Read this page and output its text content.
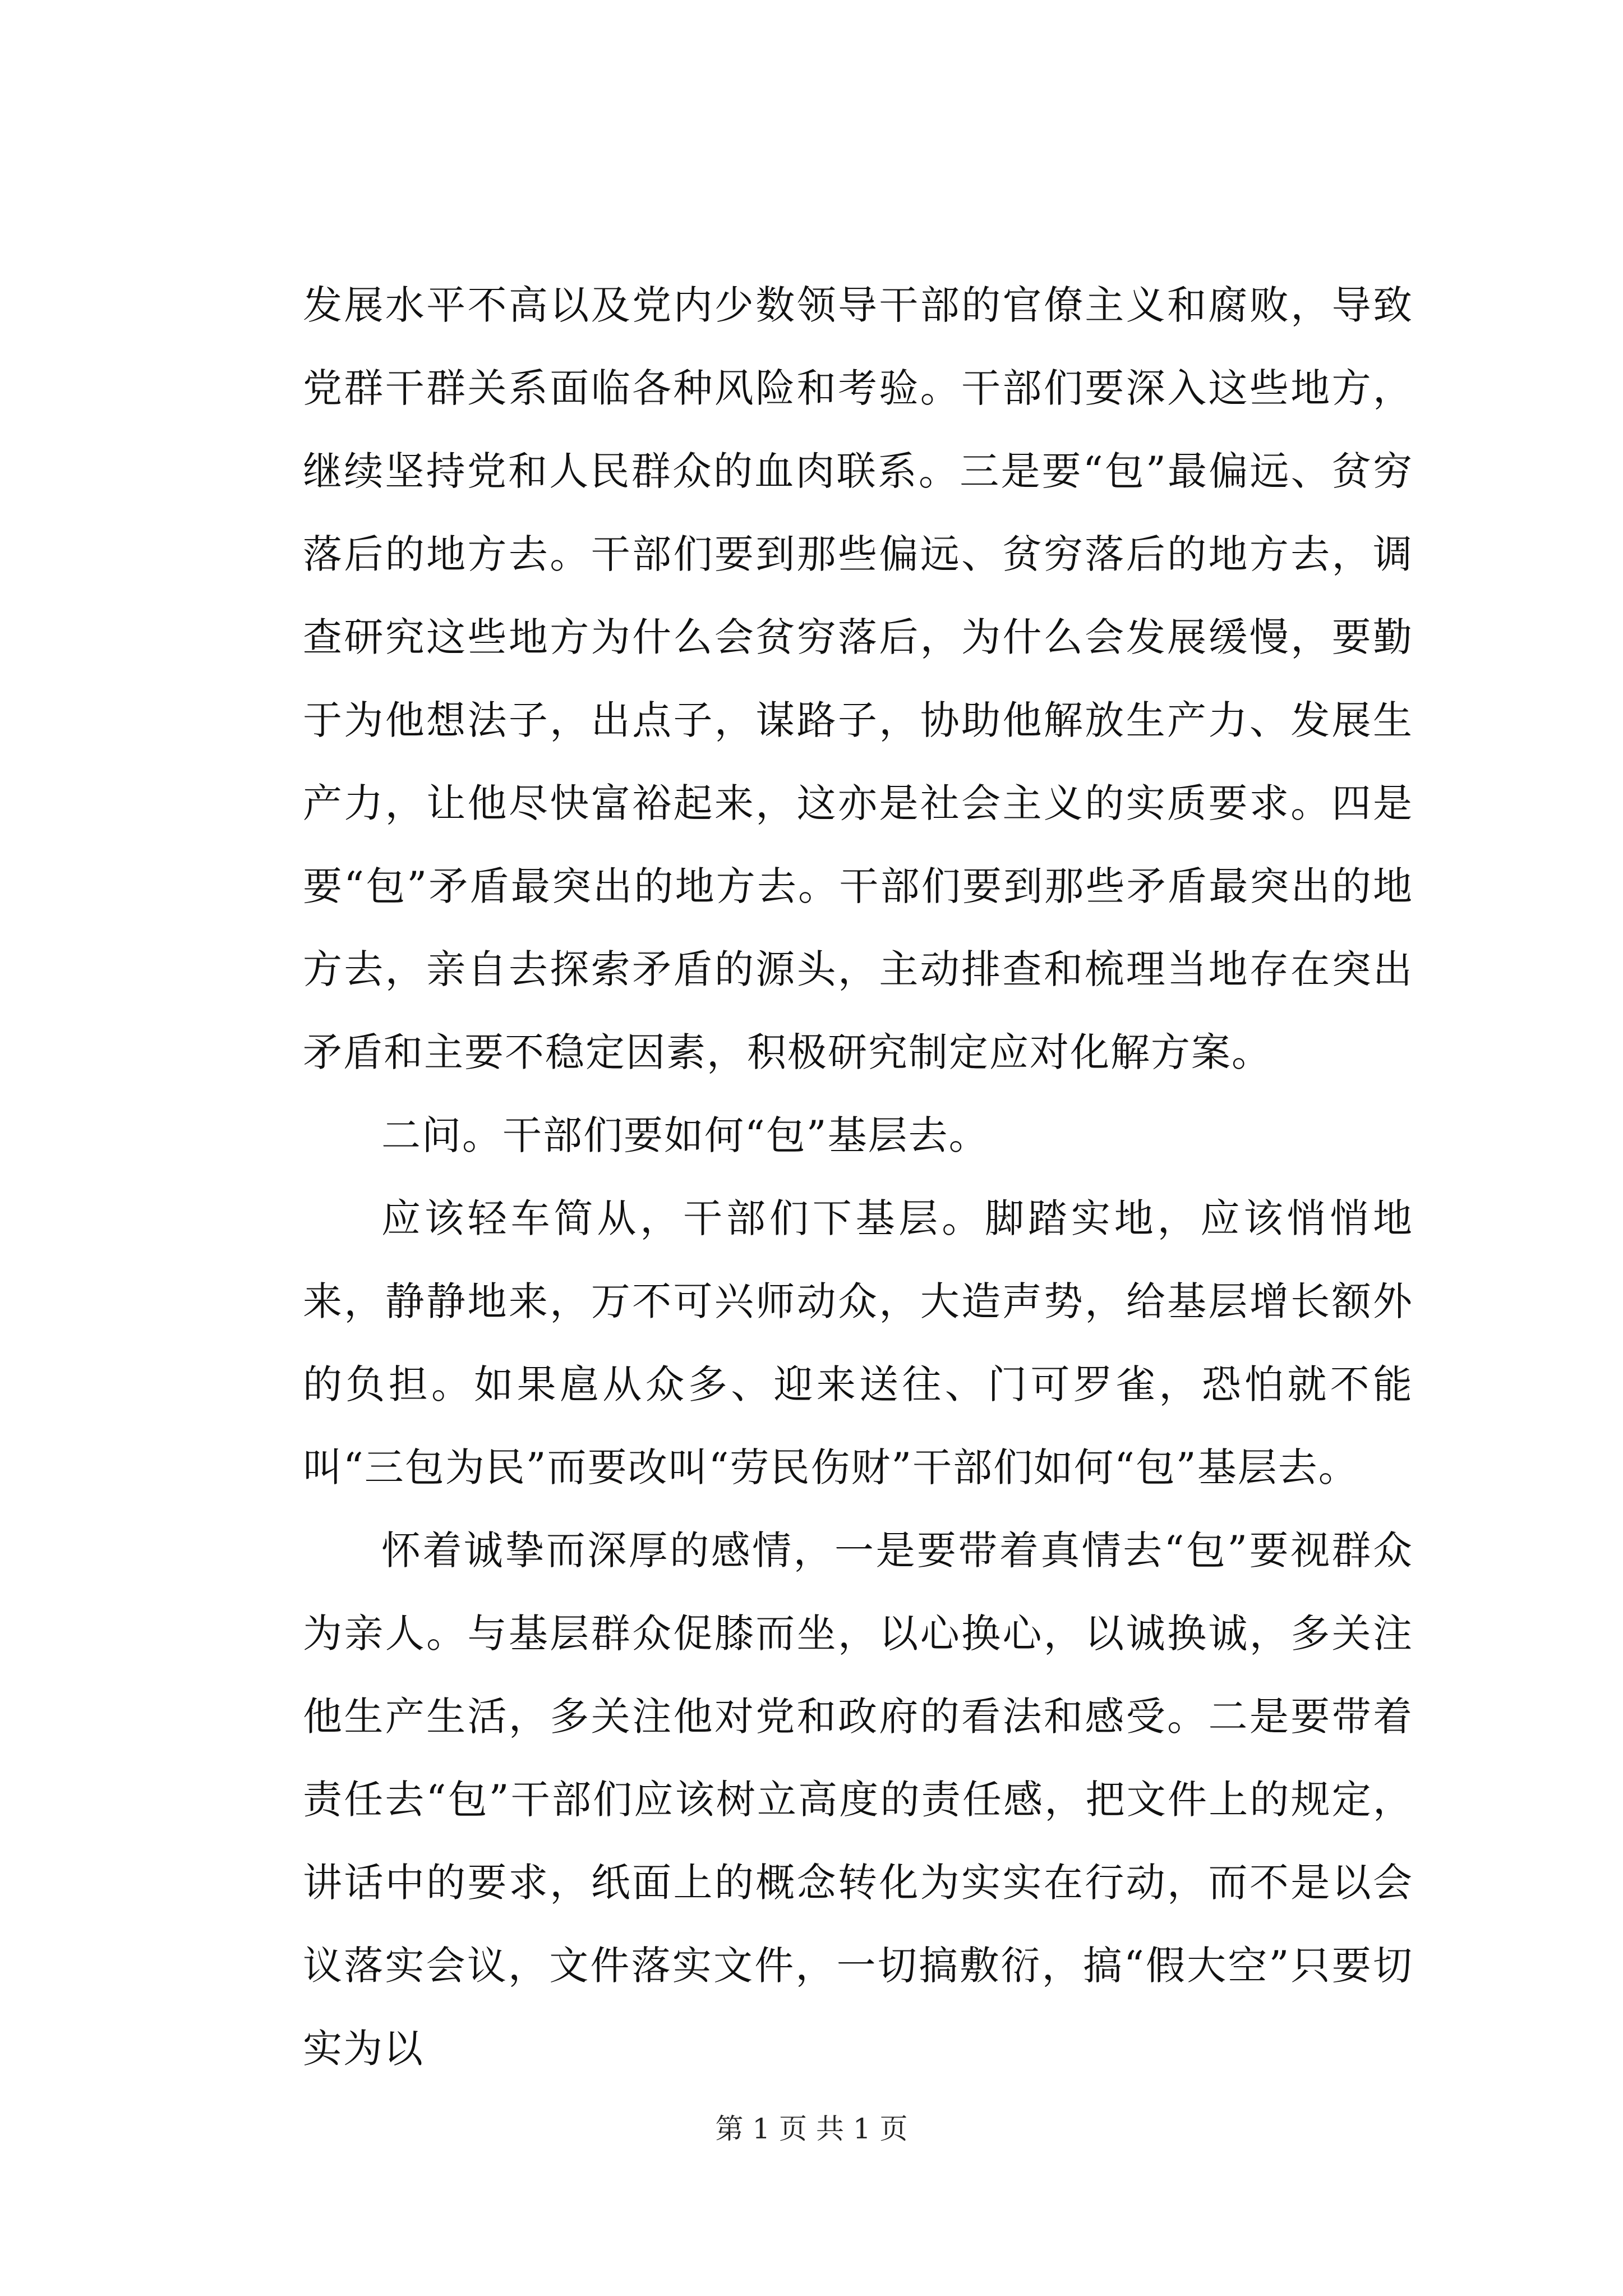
发展水平不高以及党内少数领导干部的官僚主义和腐败，导致党群干群关系面临各种风险和考验。干部们要深入这些地方，继续坚持党和人民群众的血肉联系。三是要“包”最偏远、贫穷落后的地方去。干部们要到那些偏远、贫穷落后的地方去，调查研究这些地方为什么会贫穷落后，为什么会发展缓慢，要勤于为他想法子，出点子，谋路子，协助他解放生产力、发展生产力，让他尽快富裕起来，这亦是社会主义的实质要求。四是要“包”矛盾最突出的地方去。干部们要到那些矛盾最突出的地方去，亲自去探索矛盾的源头，主动排查和梳理当地存在突出矛盾和主要不稳定因素，积极研究制定应对化解方案。

二问。干部们要如何“包”基层去。

应该轻车简从，干部们下基层。脚踏实地，应该悄悄地来，静静地来，万不可兴师动众，大造声势，给基层增长额外的负担。如果扈从众多、迎来送往、门可罗雀，恐怕就不能叫“三包为民”而要改叫“劳民伤财”干部们如何“包”基层去。

怀着诚挚而深厚的感情，一是要带着真情去“包”要视群众为亲人。与基层群众促膝而坐，以心换心，以诚换诚，多关注他生产生活，多关注他对党和政府的看法和感受。二是要带着责任去“包”干部们应该树立高度的责任感，把文件上的规定，讲话中的要求，纸面上的概念转化为实实在行动，而不是以会议落实会议，文件落实文件，一切搞敷衍，搞“假大空”只要切实为以

第 1 页 共 1 页
